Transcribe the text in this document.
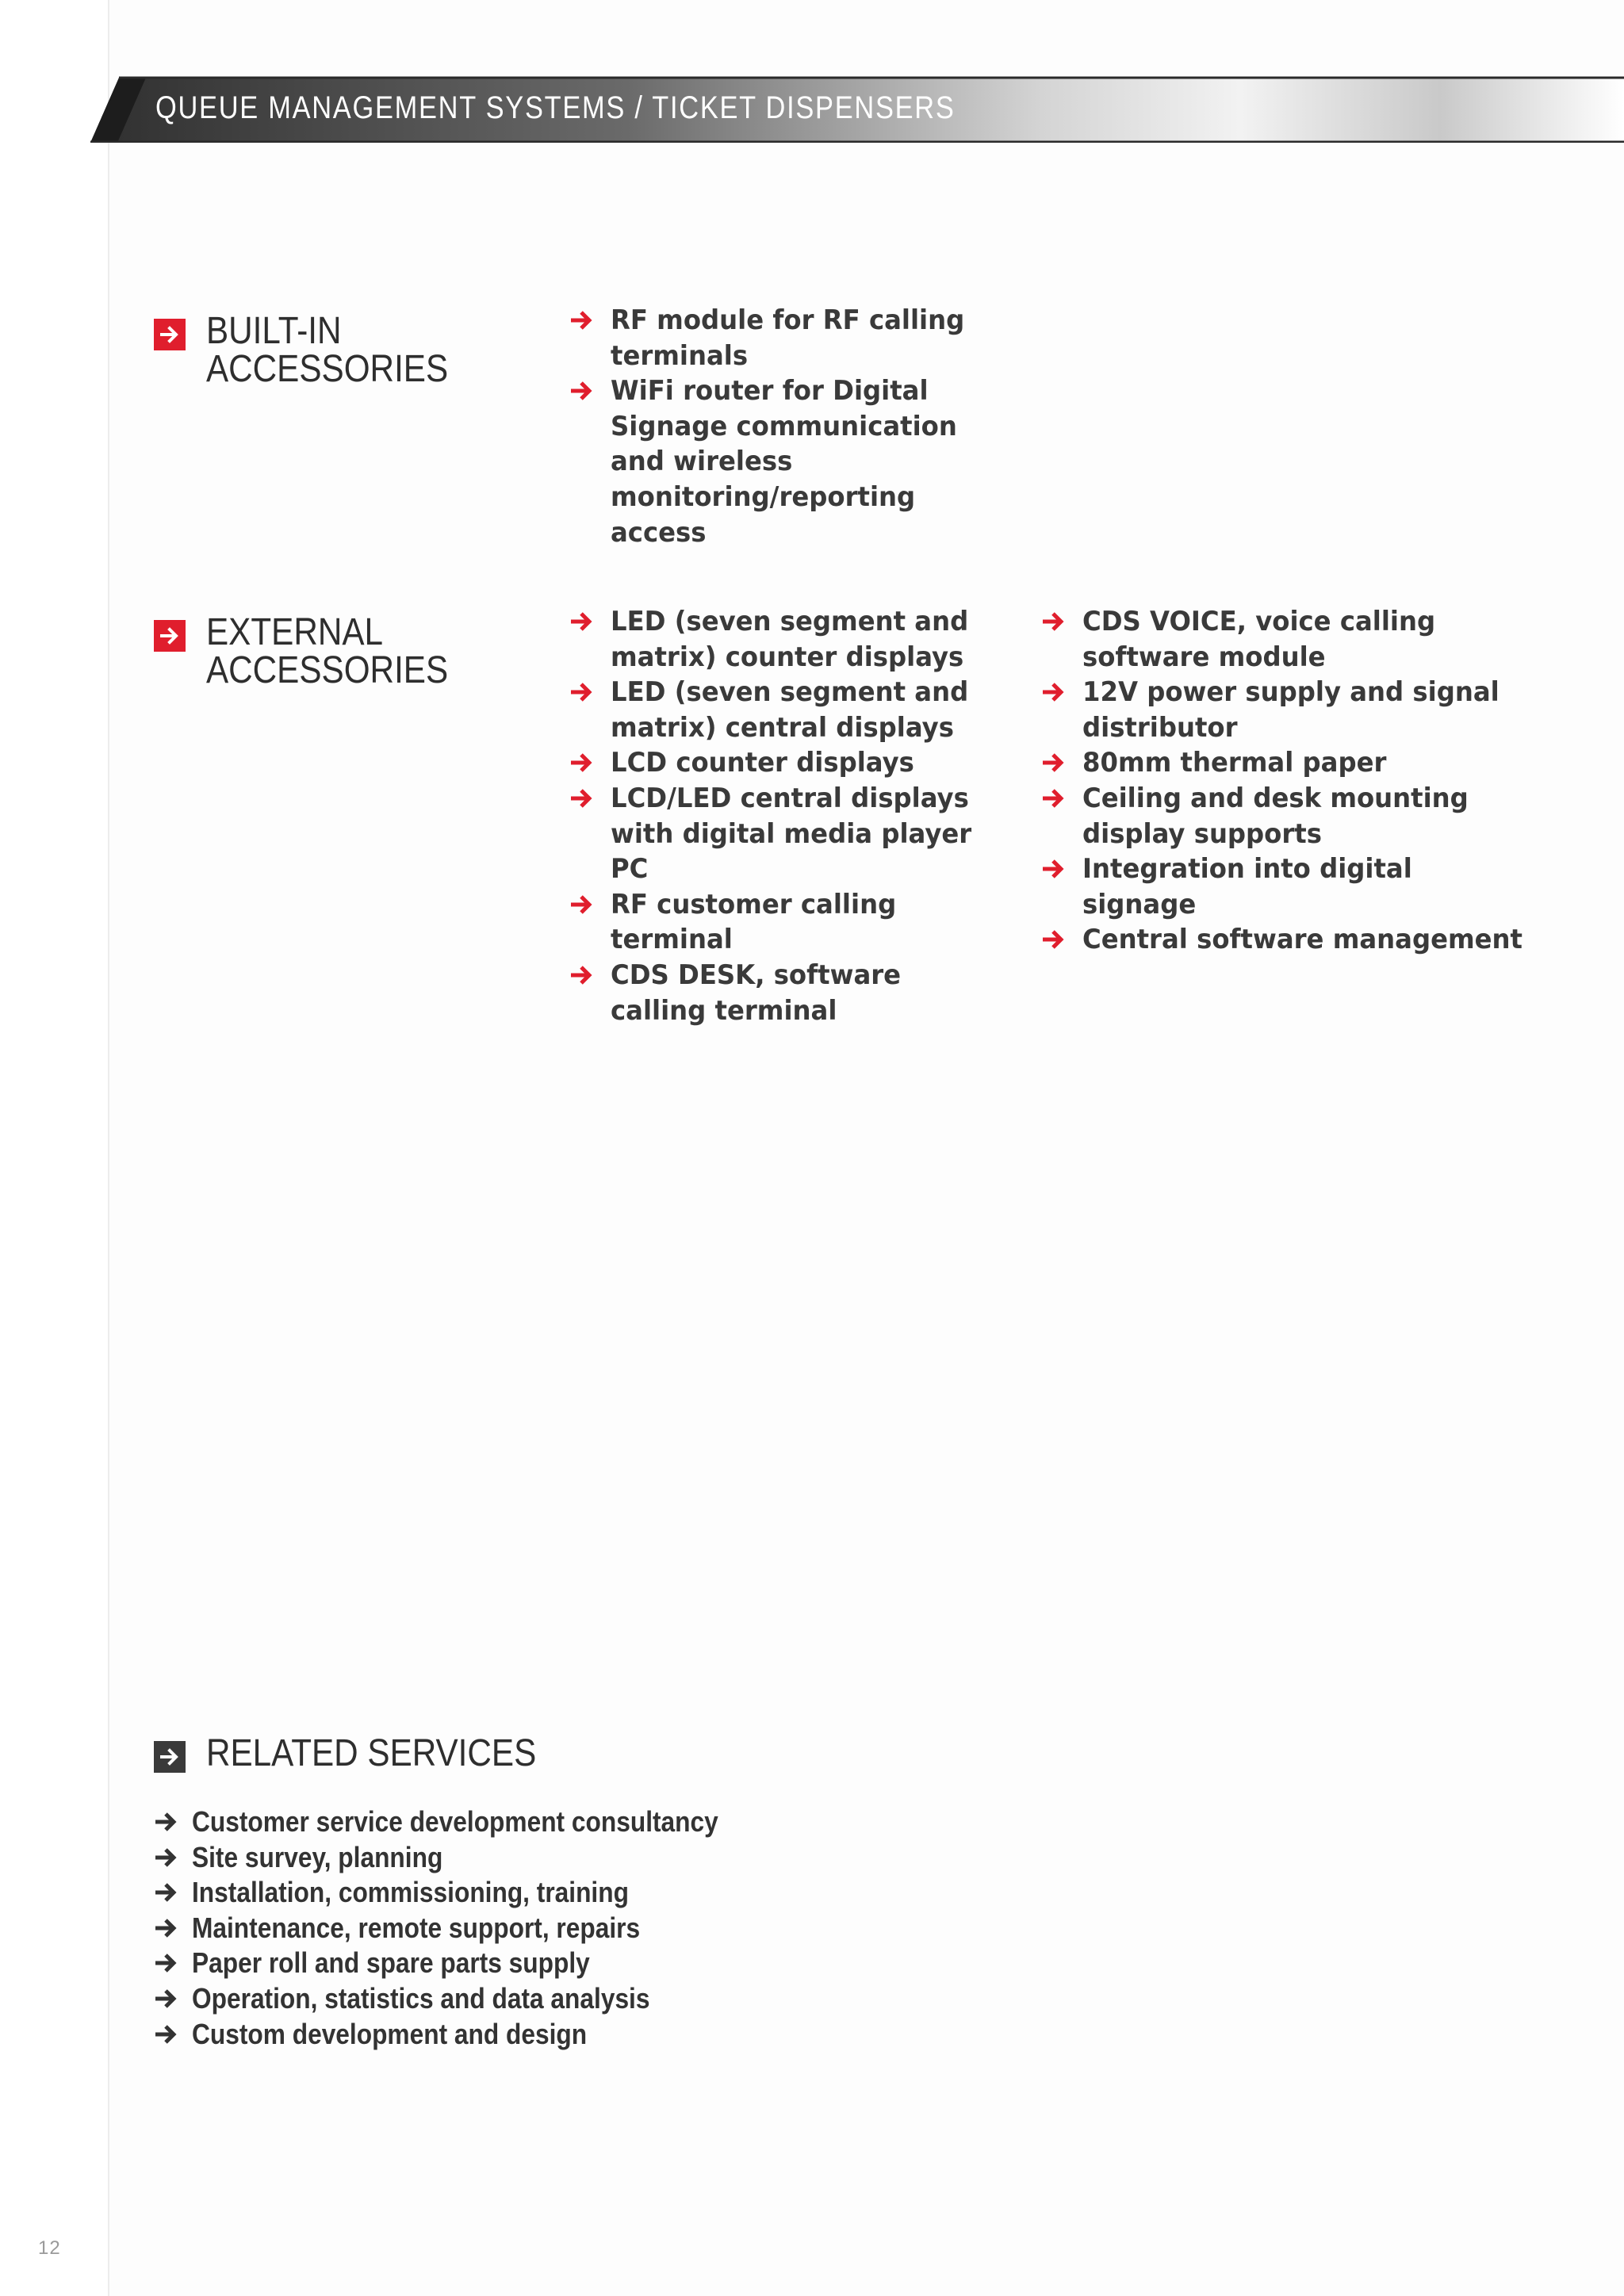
QUEUE MANAGEMENT SYSTEMS / TICKET DISPENSERS
BUILT-IN
ACCESSORIES
RF module for RF calling terminals
WiFi router for Digital Signage communication and wireless monitoring/reporting access
EXTERNAL
ACCESSORIES
LED (seven segment and matrix) counter displays
LED (seven segment and matrix) central displays
LCD counter displays
LCD/LED central displays with digital media player PC
RF customer calling terminal
CDS DESK, software calling terminal
CDS VOICE, voice calling software module
12V power supply and signal distributor
80mm thermal paper
Ceiling and desk mounting display supports
Integration into digital signage
Central software management
RELATED SERVICES
Customer service development consultancy
Site survey, planning
Installation, commissioning, training
Maintenance, remote support, repairs
Paper roll and spare parts supply
Operation, statistics and data analysis
Custom development and design
12
